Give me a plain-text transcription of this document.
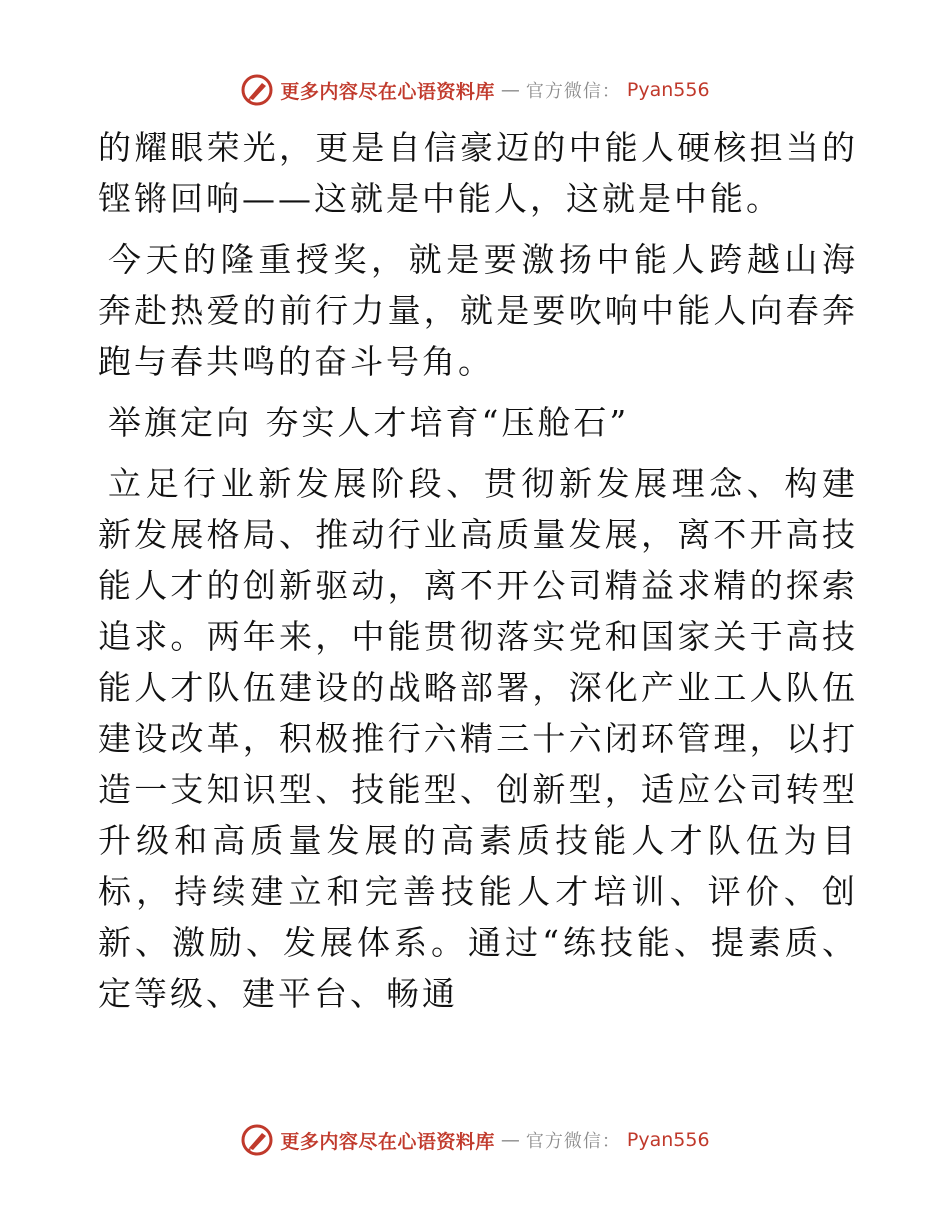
更多内容尽在心语资料库 — 官方微信： Pyan556

的耀眼荣光，更是自信豪迈的中能人硬核担当的铿锵回响——这就是中能人，这就是中能。

今天的隆重授奖，就是要激扬中能人跨越山海奔赴热爱的前行力量，就是要吹响中能人向春奔跑与春共鸣的奋斗号角。

举旗定向 夯实人才培育“压舱石”

立足行业新发展阶段、贯彻新发展理念、构建新发展格局、推动行业高质量发展，离不开高技能人才的创新驱动，离不开公司精益求精的探索追求。两年来，中能贯彻落实党和国家关于高技能人才队伍建设的战略部署，深化产业工人队伍建设改革，积极推行六精三十六闭环管理，以打造一支知识型、技能型、创新型，适应公司转型升级和高质量发展的高素质技能人才队伍为目标，持续建立和完善技能人才培训、评价、创新、激励、发展体系。通过“练技能、提素质、定等级、建平台、畅通

更多内容尽在心语资料库 — 官方微信： Pyan556
